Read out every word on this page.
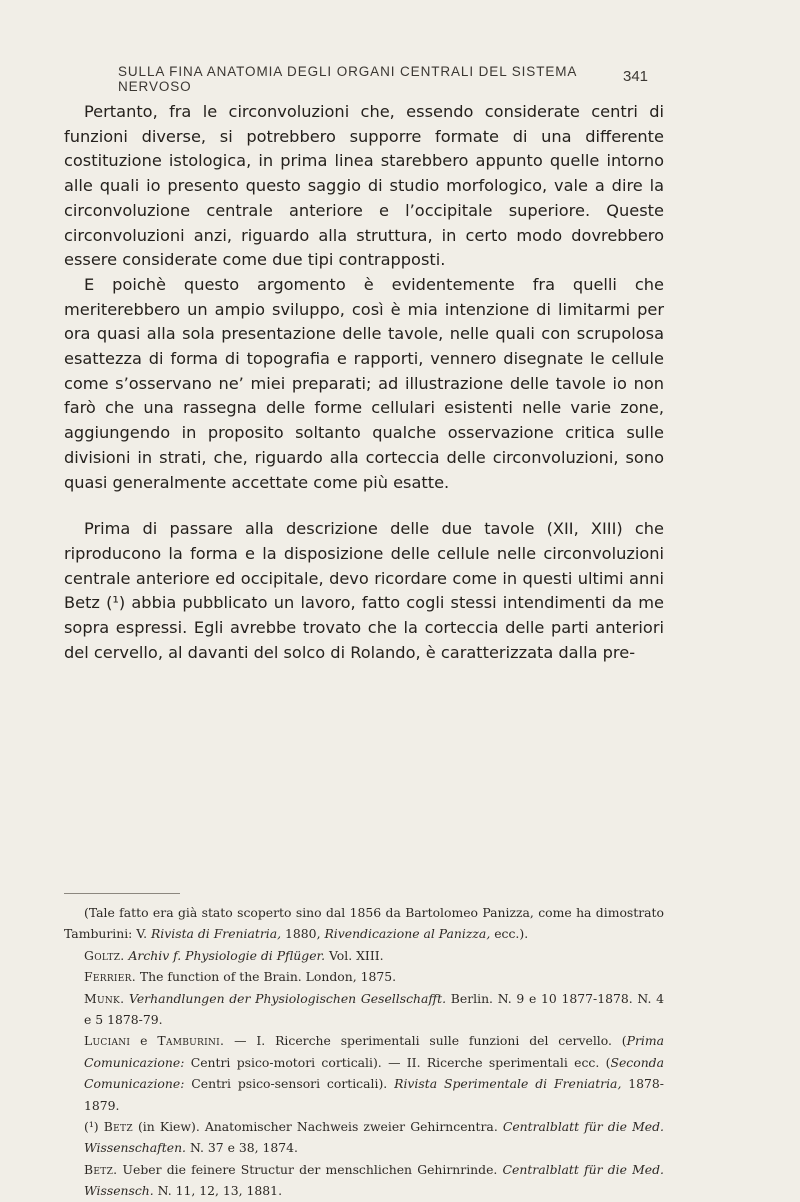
SULLA FINA ANATOMIA DEGLI ORGANI CENTRALI DEL SISTEMA NERVOSO
341

Pertanto, fra le circonvoluzioni che, essendo considerate centri di funzioni diverse, si potrebbero supporre formate di una differente costituzione istologica, in prima linea starebbero appunto quelle intorno alle quali io presento questo saggio di studio morfologico, vale a dire la circonvoluzione centrale anteriore e l’occipitale superiore. Queste circonvoluzioni anzi, riguardo alla struttura, in certo modo dovrebbero essere considerate come due tipi contrapposti.

E poichè questo argomento è evidentemente fra quelli che meriterebbero un ampio sviluppo, così è mia intenzione di limitarmi per ora quasi alla sola presentazione delle tavole, nelle quali con scrupolosa esattezza di forma di topografia e rapporti, vennero disegnate le cellule come s’osservano ne’ miei preparati; ad illustrazione delle tavole io non farò che una rassegna delle forme cellulari esistenti nelle varie zone, aggiungendo in proposito soltanto qualche osservazione critica sulle divisioni in strati, che, riguardo alla corteccia delle circonvoluzioni, sono quasi generalmente accettate come più esatte.

Prima di passare alla descrizione delle due tavole (XII, XIII) che riproducono la forma e la disposizione delle cellule nelle circonvoluzioni centrale anteriore ed occipitale, devo ricordare come in questi ultimi anni Betz (¹) abbia pubblicato un lavoro, fatto cogli stessi intendimenti da me sopra espressi. Egli avrebbe trovato che la corteccia delle parti anteriori del cervello, al davanti del solco di Rolando, è caratterizzata dalla pre-

(Tale fatto era già stato scoperto sino dal 1856 da Bartolomeo Panizza, come ha dimostrato Tamburini: V. Rivista di Freniatria, 1880, Rivendicazione al Panizza, ecc.).

Goltz. Archiv f. Physiologie di Pflüger. Vol. XIII.

Ferrier. The function of the Brain. London, 1875.

Munk. Verhandlungen der Physiologischen Gesellschafft. Berlin. N. 9 e 10 1877-1878. N. 4 e 5 1878-79.

Luciani e Tamburini. — I. Ricerche sperimentali sulle funzioni del cervello. (Prima Comunicazione: Centri psico-motori corticali). — II. Ricerche sperimentali ecc. (Seconda Comunicazione: Centri psico-sensori corticali). Rivista Sperimentale di Freniatria, 1878-1879.

(¹) Betz (in Kiew). Anatomischer Nachweis zweier Gehirncentra. Centralblatt für die Med. Wissenschaften. N. 37 e 38, 1874.

Betz. Ueber die feinere Structur der menschlichen Gehirnrinde. Centralblatt für die Med. Wissensch. N. 11, 12, 13, 1881.
